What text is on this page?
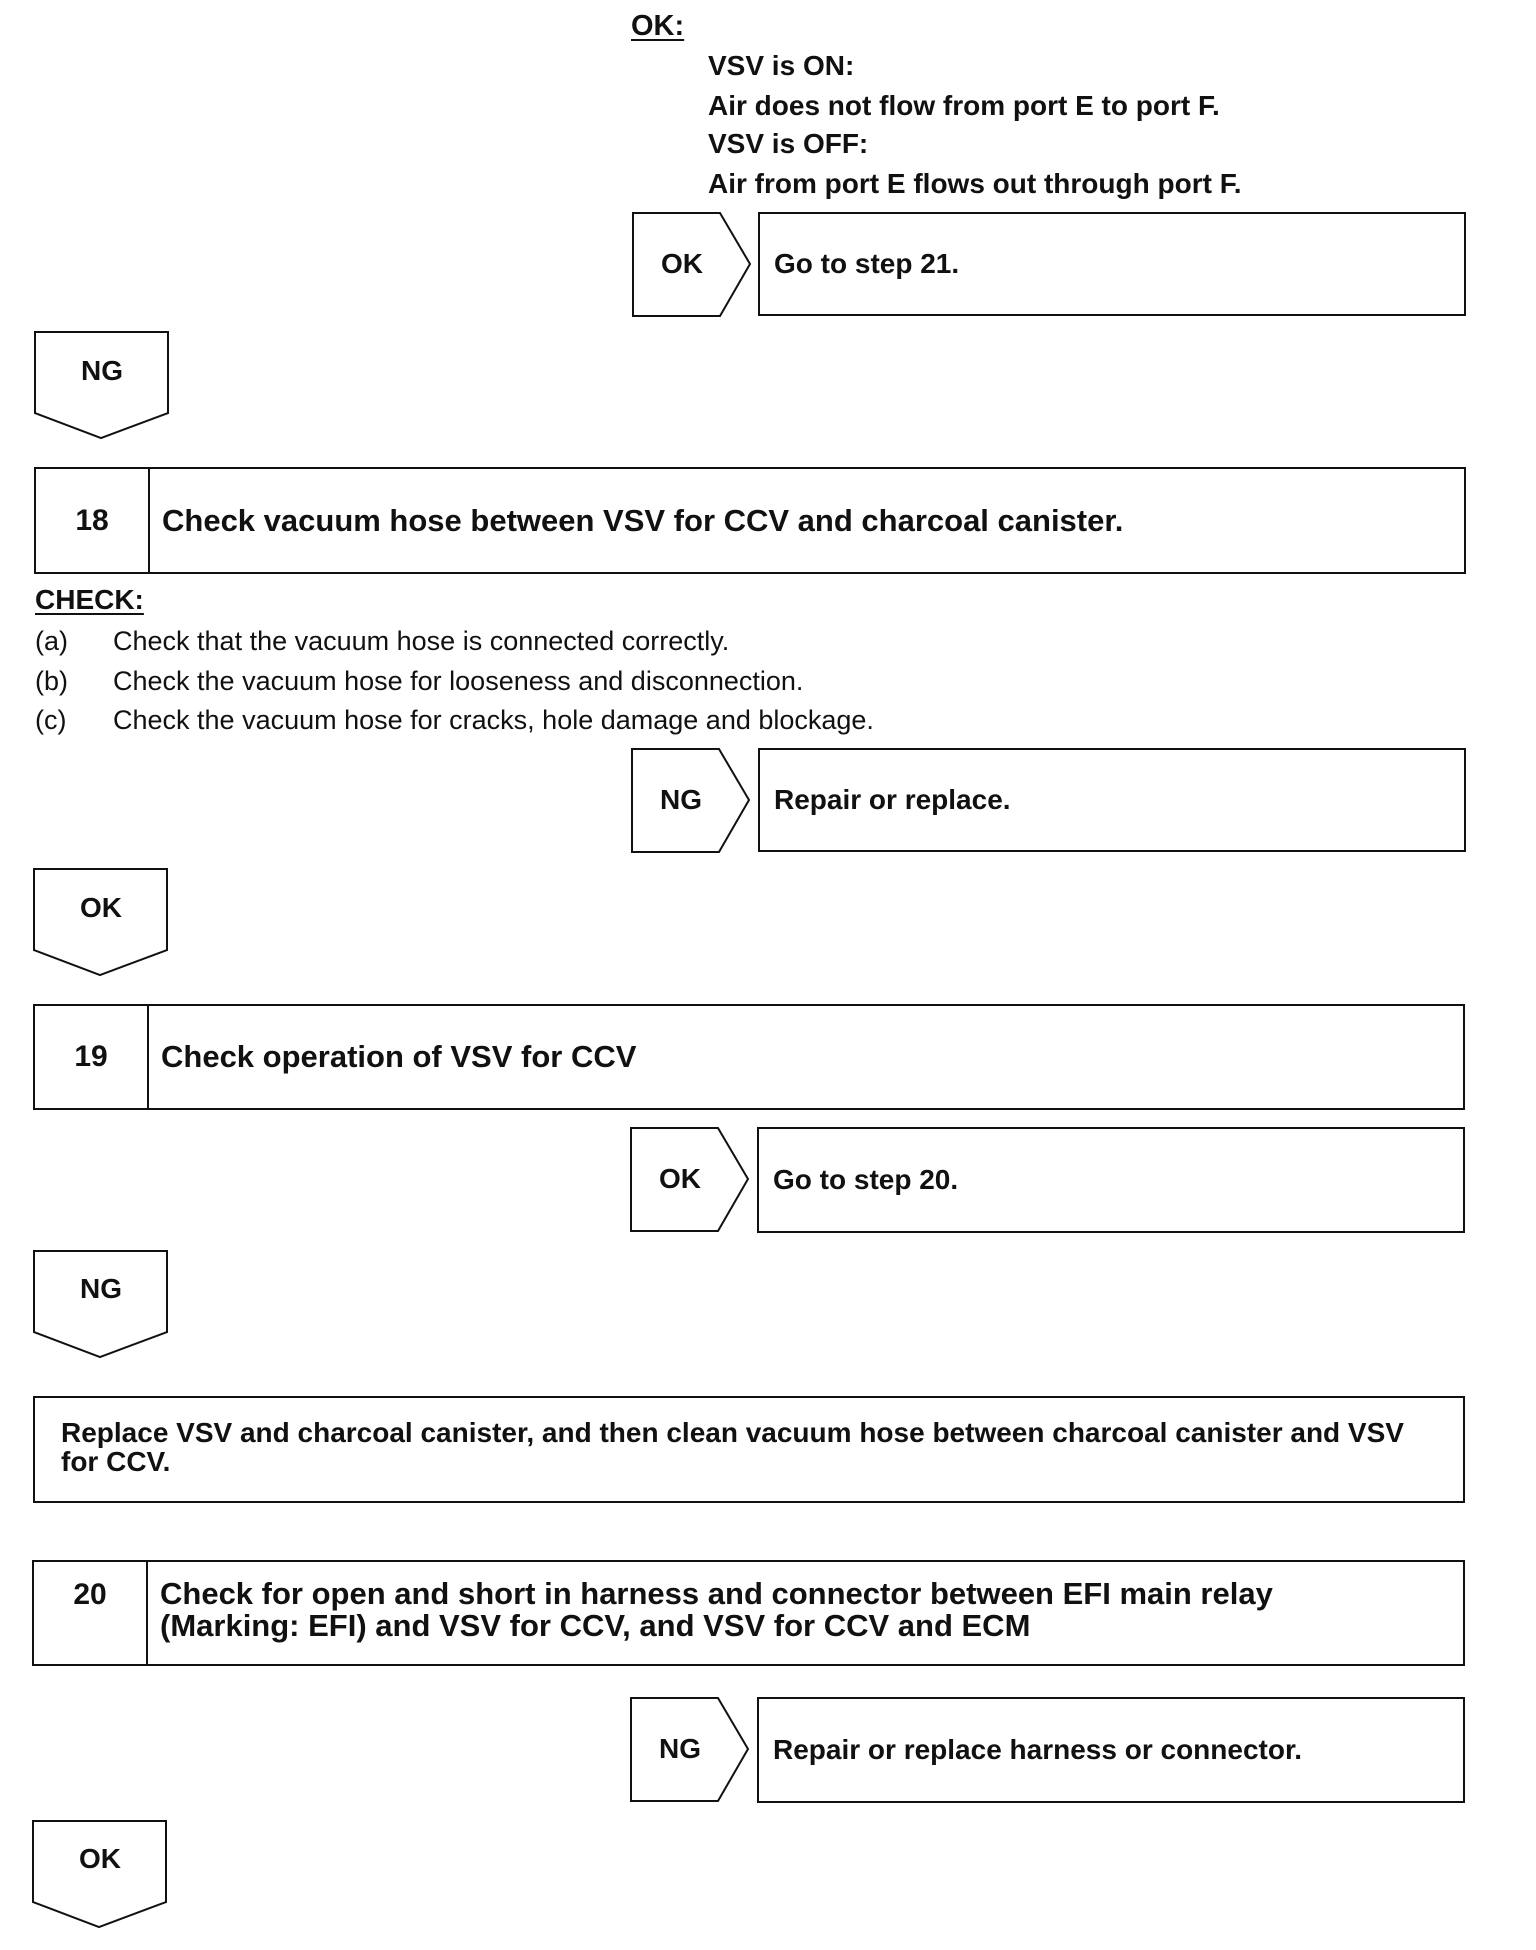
OK:
VSV is ON:
Air does not flow from port E to port F.
VSV is OFF:
Air from port E flows out through port F.
OK	Go to step 21.
NG
18	Check vacuum hose between VSV for CCV and charcoal canister.
CHECK:
(a)	Check that the vacuum hose is connected correctly.
(b)	Check the vacuum hose for looseness and disconnection.
(c)	Check the vacuum hose for cracks, hole damage and blockage.
NG	Repair or replace.
OK
19	Check operation of VSV for CCV
OK	Go to step 20.
NG
Replace VSV and charcoal canister, and then clean vacuum hose between charcoal canister and VSV for CCV.
20	Check for open and short in harness and connector between EFI main relay
(Marking: EFI) and VSV for CCV, and VSV for CCV and ECM
NG	Repair or replace harness or connector.
OK
